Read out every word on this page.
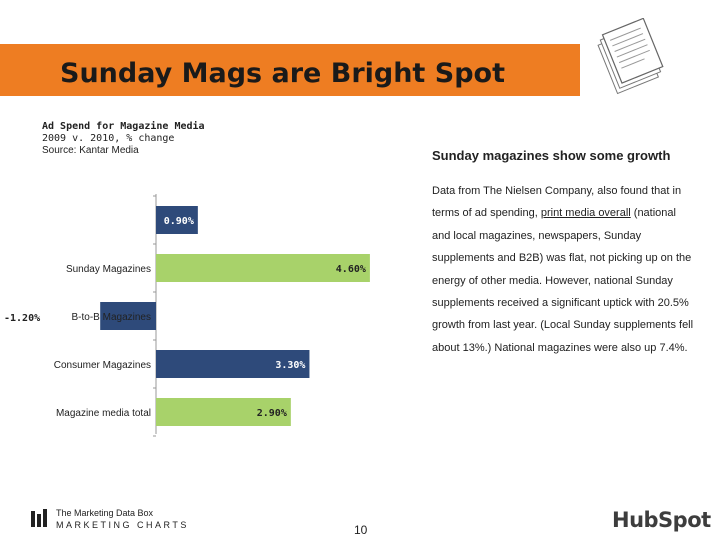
Sunday Mags are Bright Spot
Ad Spend for Magazine Media
2009 v. 2010, % change
Source: Kantar Media
0.90%
Sunday Magazines	4.60%
B-to-B Magazines
-1.20%
Consumer Magazines	3.30%
Magazine media total	2.90%
Sunday magazines show some growth
Data from The Nielsen Company, also found that in terms of ad spending, print media overall (national and local magazines, newspapers, Sunday supplements and B2B) was flat, not picking up on the energy of other media. However, national Sunday supplements received a significant uptick with 20.5% growth from last year. (Local Sunday supplements fell about 13%.) National magazines were also up 7.4%.
The Marketing Data Box
MARKETING CHARTS	10	HubSpot
